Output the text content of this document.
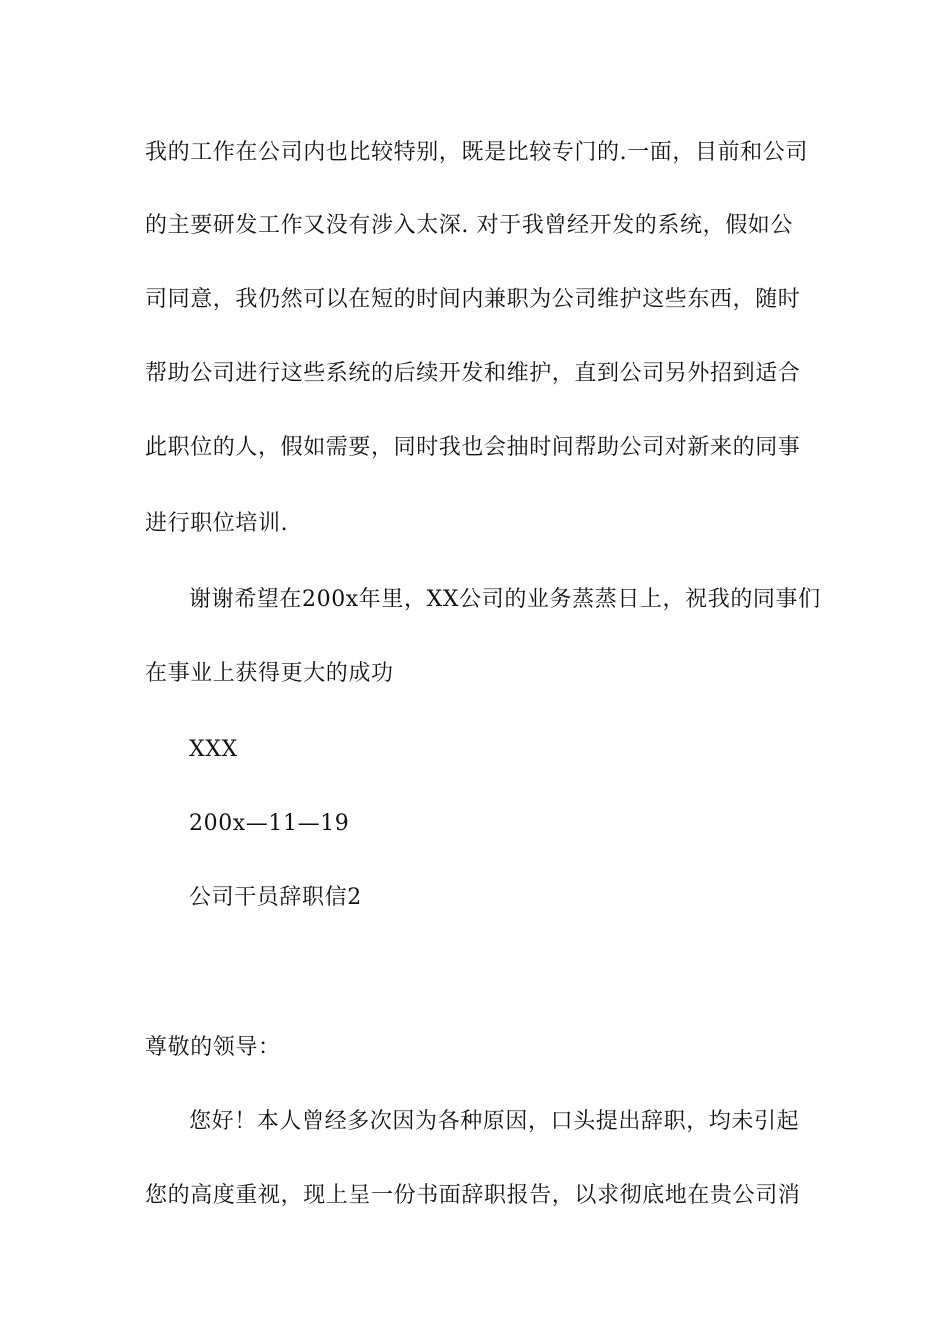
我的工作在公司内也比较特别，既是比较专门的.一面，目前和公司
的主要研发工作又没有涉入太深. 对于我曾经开发的系统，假如公
司同意，我仍然可以在短的时间内兼职为公司维护这些东西，随时
帮助公司进行这些系统的后续开发和维护，直到公司另外招到适合
此职位的人，假如需要，同时我也会抽时间帮助公司对新来的同事
进行职位培训.
谢谢希望在200x年里，XX公司的业务蒸蒸日上，祝我的同事们
在事业上获得更大的成功
XXX
200x—11—19
公司干员辞职信2
尊敬的领导：
您好！本人曾经多次因为各种原因，口头提出辞职，均未引起
您的高度重视，现上呈一份书面辞职报告，以求彻底地在贵公司消
